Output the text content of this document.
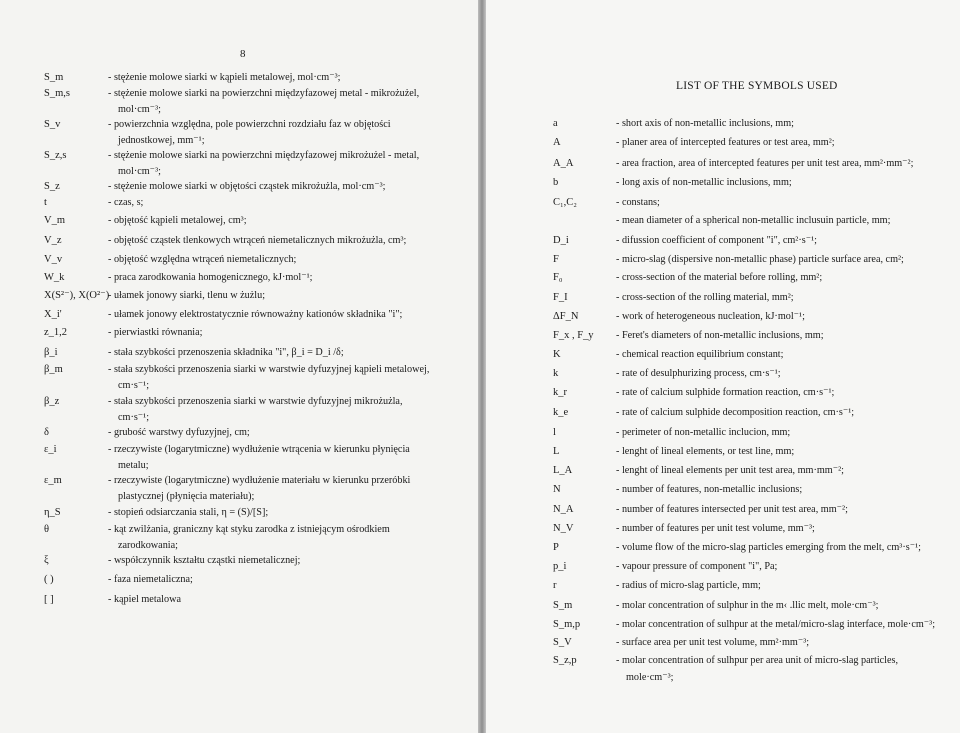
8
S_m	- stężenie molowe siarki w kąpieli metalowej, mol·cm⁻³;
S_m,s	- stężenie molowe siarki na powierzchni międzyfazowej metal - mikrożużel,
mol·cm⁻³;
S_v	- powierzchnia względna, pole powierzchni rozdziału faz w objętości
jednostkowej, mm⁻¹;
S_z,s	- stężenie molowe siarki na powierzchni międzyfazowej mikrożużel - metal,
mol·cm⁻³;
S_z	- stężenie molowe siarki w objętości cząstek mikrożużla, mol·cm⁻³;
t	- czas, s;
V_m	- objętość kąpieli metalowej, cm³;
V_z	- objętość cząstek tlenkowych wtrąceń niemetalicznych mikrożużla, cm³;
V_v	- objętość względna wtrąceń niemetalicznych;
W_k	- praca zarodkowania homogenicznego, kJ·mol⁻¹;
X(S²⁻), X(O²⁻)
- ułamek jonowy siarki, tlenu w żużlu;
X_i'	- ułamek jonowy elektrostatycznie równoważny kationów składnika "i";
z_1,2	- pierwiastki równania;
β_i	- stała szybkości przenoszenia składnika "i", β_i = D_i /δ;
β_m	- stała szybkości przenoszenia siarki w warstwie dyfuzyjnej kąpieli metalowej,
cm·s⁻¹;
β_z	- stała szybkości przenoszenia siarki w warstwie dyfuzyjnej mikrożużla,
cm·s⁻¹;
δ	- grubość warstwy dyfuzyjnej, cm;
ε_i	- rzeczywiste (logarytmiczne) wydłużenie wtrącenia w kierunku płynięcia
metalu;
ε_m	- rzeczywiste (logarytmiczne) wydłużenie materiału w kierunku przeróbki
plastycznej (płynięcia materiału);
η_S	- stopień odsiarczania stali, η = (S)/[S];
θ	- kąt zwilżania, graniczny kąt styku zarodka z istniejącym ośrodkiem
zarodkowania;
ξ	- współczynnik kształtu cząstki niemetalicznej;
( )	- faza niemetaliczna;
[ ]	- kąpiel metalowa
LIST OF THE SYMBOLS USED
a	- short axis of non-metallic inclusions, mm;
A	- planer area of intercepted features or test area, mm²;
A_A	- area fraction, area of intercepted features per unit test area, mm²·mm⁻²;
b	- long axis of non-metallic inclusions, mm;
C₁,C₂	- constans;
- mean diameter of a spherical non-metallic inclusuin particle, mm;
D_i	- difussion coefficient of component "i", cm²·s⁻¹;
F	- micro-slag (dispersive non-metallic phase) particle surface area, cm²;
F₀	- cross-section of the material before rolling, mm²;
F_I	- cross-section of the rolling material, mm²;
ΔF_N	- work of heterogeneous nucleation, kJ·mol⁻¹;
F_x , F_y - Feret's diameters of non-metallic inclusions, mm;
K	- chemical reaction equilibrium constant;
k	- rate of desulphurizing process, cm·s⁻¹;
k_r	- rate of calcium sulphide formation reaction, cm·s⁻¹;
k_e	- rate of calcium sulphide decomposition reaction, cm·s⁻¹;
l	- perimeter of non-metallic inclucion, mm;
L	- lenght of lineal elements, or test line, mm;
L_A	- lenght of lineal elements per unit test area, mm·mm⁻²;
N	- number of features, non-metallic inclusions;
N_A	- number of features intersected per unit test area, mm⁻²;
N_V	- number of features per unit test volume, mm⁻³;
P	- volume flow of the micro-slag particles emerging from the melt, cm³·s⁻¹;
p_i	- vapour pressure of component "i", Pa;
r	- radius of micro-slag particle, mm;
S_m	- molar concentration of sulphur in the m‹ .llic melt, mole·cm⁻³;
S_m,p	- molar concentration of sulhpur at the metal/micro-slag interface, mole·cm⁻³;
S_V	- surface area per unit test volume, mm²·mm⁻³;
S_z,p	- molar concentration of sulhpur per area unit of micro-slag particles,
mole·cm⁻³;
